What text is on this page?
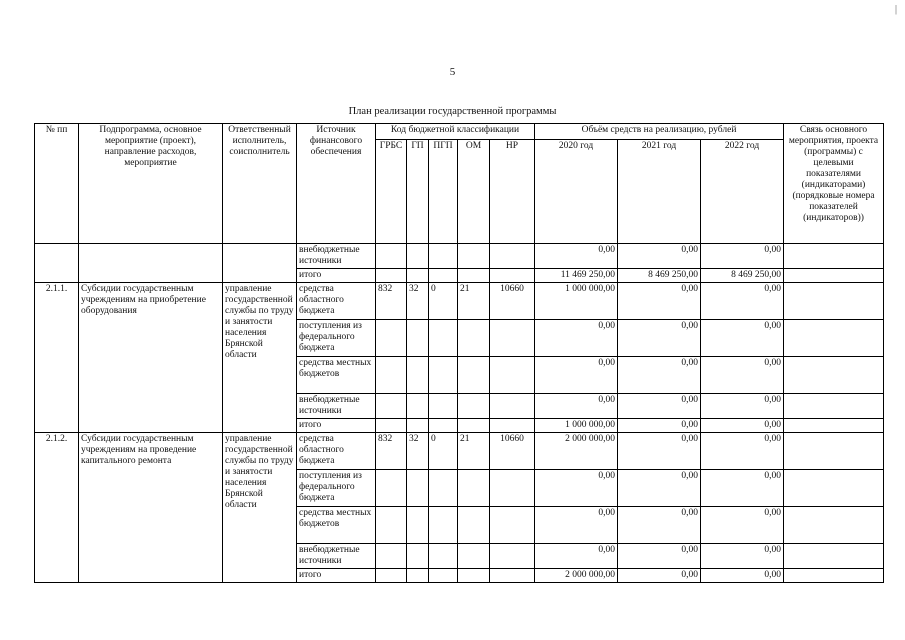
|
5
План реализации государственной программы
№ пп	Подпрограмма, основное мероприятие (проект), направление расходов, мероприятие	Ответственный исполнитель, соисполнитель	Источник финансового обеспечения	Код бюджетной классификации					Объём средств на реализацию, рублей			Связь основного мероприятия, проекта (программы) с целевыми показателями (индикаторами) (порядковые номера показателей (индикаторов))
				ГРБС	ГП	ПГП	ОМ	НР	2020 год	2021 год	2022 год	
			внебюджетные источники						0,00	0,00	0,00	
			итого						11 469 250,00	8 469 250,00	8 469 250,00	
2.1.1.	Субсидии государственным учреждениям на приобретение оборудования	управление государственной службы по труду и занятости населения Брянской области	средства областного бюджета	832	32	0	21	10660	1 000 000,00	0,00	0,00	
			поступления из федерального бюджета						0,00	0,00	0,00	
			средства местных бюджетов						0,00	0,00	0,00	
			внебюджетные источники						0,00	0,00	0,00	
			итого						1 000 000,00	0,00	0,00	
2.1.2.	Субсидии государственным учреждениям на проведение капитального ремонта	управление государственной службы по труду и занятости населения Брянской области	средства областного бюджета	832	32	0	21	10660	2 000 000,00	0,00	0,00	
			поступления из федерального бюджета						0,00	0,00	0,00	
			средства местных бюджетов						0,00	0,00	0,00	
			внебюджетные источники						0,00	0,00	0,00	
			итого						2 000 000,00	0,00	0,00	
